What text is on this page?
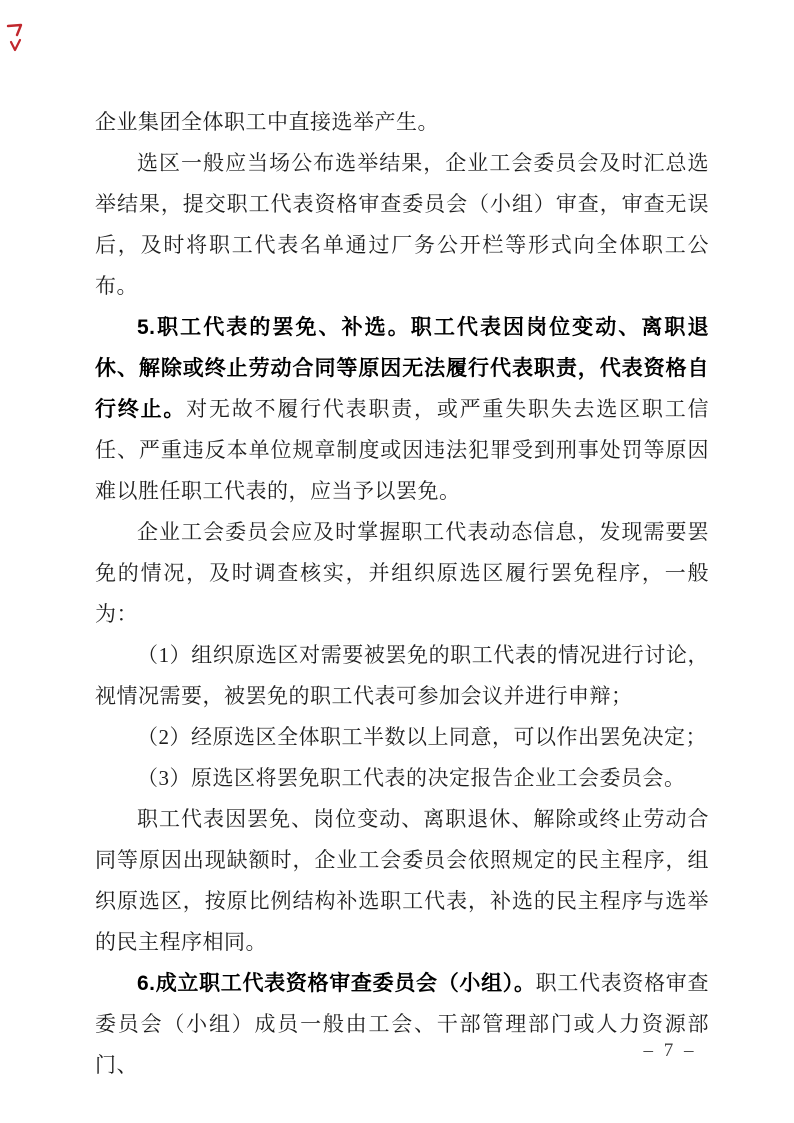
企业集团全体职工中直接选举产生。

选区一般应当场公布选举结果，企业工会委员会及时汇总选举结果，提交职工代表资格审查委员会（小组）审查，审查无误后，及时将职工代表名单通过厂务公开栏等形式向全体职工公布。

5.职工代表的罢免、补选。职工代表因岗位变动、离职退休、解除或终止劳动合同等原因无法履行代表职责，代表资格自行终止。对无故不履行代表职责，或严重失职失去选区职工信任、严重违反本单位规章制度或因违法犯罪受到刑事处罚等原因难以胜任职工代表的，应当予以罢免。

企业工会委员会应及时掌握职工代表动态信息，发现需要罢免的情况，及时调查核实，并组织原选区履行罢免程序，一般为：

（1）组织原选区对需要被罢免的职工代表的情况进行讨论，视情况需要，被罢免的职工代表可参加会议并进行申辩；

（2）经原选区全体职工半数以上同意，可以作出罢免决定；

（3）原选区将罢免职工代表的决定报告企业工会委员会。

职工代表因罢免、岗位变动、离职退休、解除或终止劳动合同等原因出现缺额时，企业工会委员会依照规定的民主程序，组织原选区，按原比例结构补选职工代表，补选的民主程序与选举的民主程序相同。

6.成立职工代表资格审查委员会（小组）。职工代表资格审查委员会（小组）成员一般由工会、干部管理部门或人力资源部门、

– 7 –
